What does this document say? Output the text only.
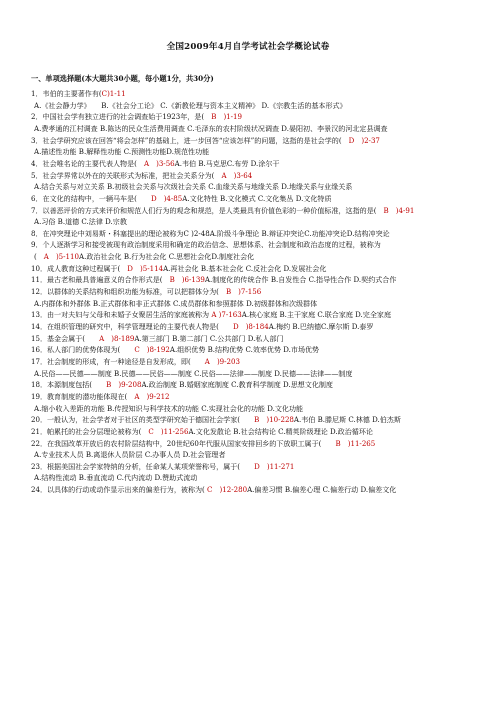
全国2009年4月自学考试社会学概论试卷
一、单项选择题(本大题共30小题，每小题1分，共30分)
1．韦伯的主要著作有(C)1-11
A.《社会静力学》　　B.《社会分工论》 C.《新教伦理与资本主义精神》 D.《宗教生活的基本形式》
2．中国社会学有独立进行的社会调查始于1923年，是(　B　)1-19
A.费孝通的江村调查 B.陈达的民众生活费用调查 C.毛泽东的农村阶级状况调查 D.晏阳初、李景汉的河北定县调查
3．社会学研究应该在回答“将会怎样”的基础上，进一步回答“应该怎样”的问题，这指的是社会学的(　D　)2-37
A.描述性功能 B.解释性功能 C.预测性功能D.规范性功能
4．社会唯名论的主要代表人物是(　A　)3-56A.韦伯 B.马克思C.布劳 D.涂尔干
5．社会学界常以外在的关联形式为标准，把社会关系分为(　A　)3-64
A.结合关系与对立关系 B.初级社会关系与次级社会关系 C.血缘关系与地缘关系 D.地缘关系与业缘关系
6．在文化的结构中，一辆马车是(　　D　)4-85A.文化特性 B.文化模式 C.文化集丛 D.文化特质
7．以善恶评价的方式来评价和规范人们行为的观念和规范，是人类最具有价值色彩的一种价值标准，这指的是(　B　)4-91
A.习俗 B.道德 C.法律 D.宗教
8．在冲突理论中刘易斯・科塞提出的理论被称为C )2-48A.阶级斗争理论 B.辩证冲突论C.功能冲突论D.结构冲突论
9．个人逐渐学习和接受被现有政治制度采用和确定的政治信念、思想体系、社会制度和政治态度的过程，被称为
(　A　)5-110A.政治社会化 B.行为社会化 C.思想社会化D.制度社会化
10．成人教育这种过程属于(　D　)5-114A.再社会化 B.基本社会化 C.反社会化 D.发展社会化
11．最古老和最具普遍意义的合作形式是(　B　)6-139A.制度化的传统合作 B.自发性合 C.指导性合作 D.契约式合作
12．以群体的关系结构和组织功能为标准，可以把群体分为(　B　)7-156
A.内群体和外群体 B.正式群体和非正式群体 C.成员群体和参照群体 D.初级群体和次级群体
13．由一对夫妇与父母和未婚子女聚居生活的家庭被称为 A )7-163A.核心家庭 B.主干家庭 C.联合家庭 D.完全家庭
14．在组织管理的研究中，科学管理理论的主要代表人物是(　　D　)8-184A.梅约 B.巴纳德C.摩尔斯 D.泰罗
15．基金会属于(　　A　)8-189A.第三部门 B.第二部门 C.公共部门 D.私人部门
16．私人部门的优势体现为(　　C　)8-192A.组织优势 B.结构优势 C.效率优势 D.市场优势
17．社会制度的形成，有一种途径是自发形成，即(　　A　)9-203
A.民俗——民德——制度 B.民德——民俗——制度 C.民俗——法律——制度 D.民德——法律——制度
18．本源制度包括(　　B　)9-208A.政治制度 B.婚姻家庭制度 C.教育科学制度 D.思想文化制度
19．教育制度的潜功能体现在(　A　)9-212
A.缩小收入差距的功能 B.传授知识与科学技术的功能 C.实现社会化的功能 D.文化功能
20．一般认为，社会学者对于社区的类型学研究始于德国社会学家(　　B　)10-228A.韦伯 B.滕尼斯 C.林德 D.伯杰斯
21．帕累托的社会分层理论被称为(　C　)11-256A.文化发散论 B.社会结构论 C.精英阶级理论 D.政治循环论
22．在我国改革开放后的农村阶层结构中，20世纪60年代服从国家安排回乡的下放职工属于(　　B　)11-265
A.专业技术人员 B.离退休人员阶层 C.办事人员 D.社会管理者
23．根据美国社会学家特纳的分析，任命某人某项荣誉称号，属于(　　D　)11-271
A.结构性流动 B.垂直流动 C.代内流动 D.赞助式流动
24．以具体的行动或动作显示出来的偏差行为，被称为( C　)12-280A.偏差习惯 B.偏差心理 C.偏差行动 D.偏差文化
